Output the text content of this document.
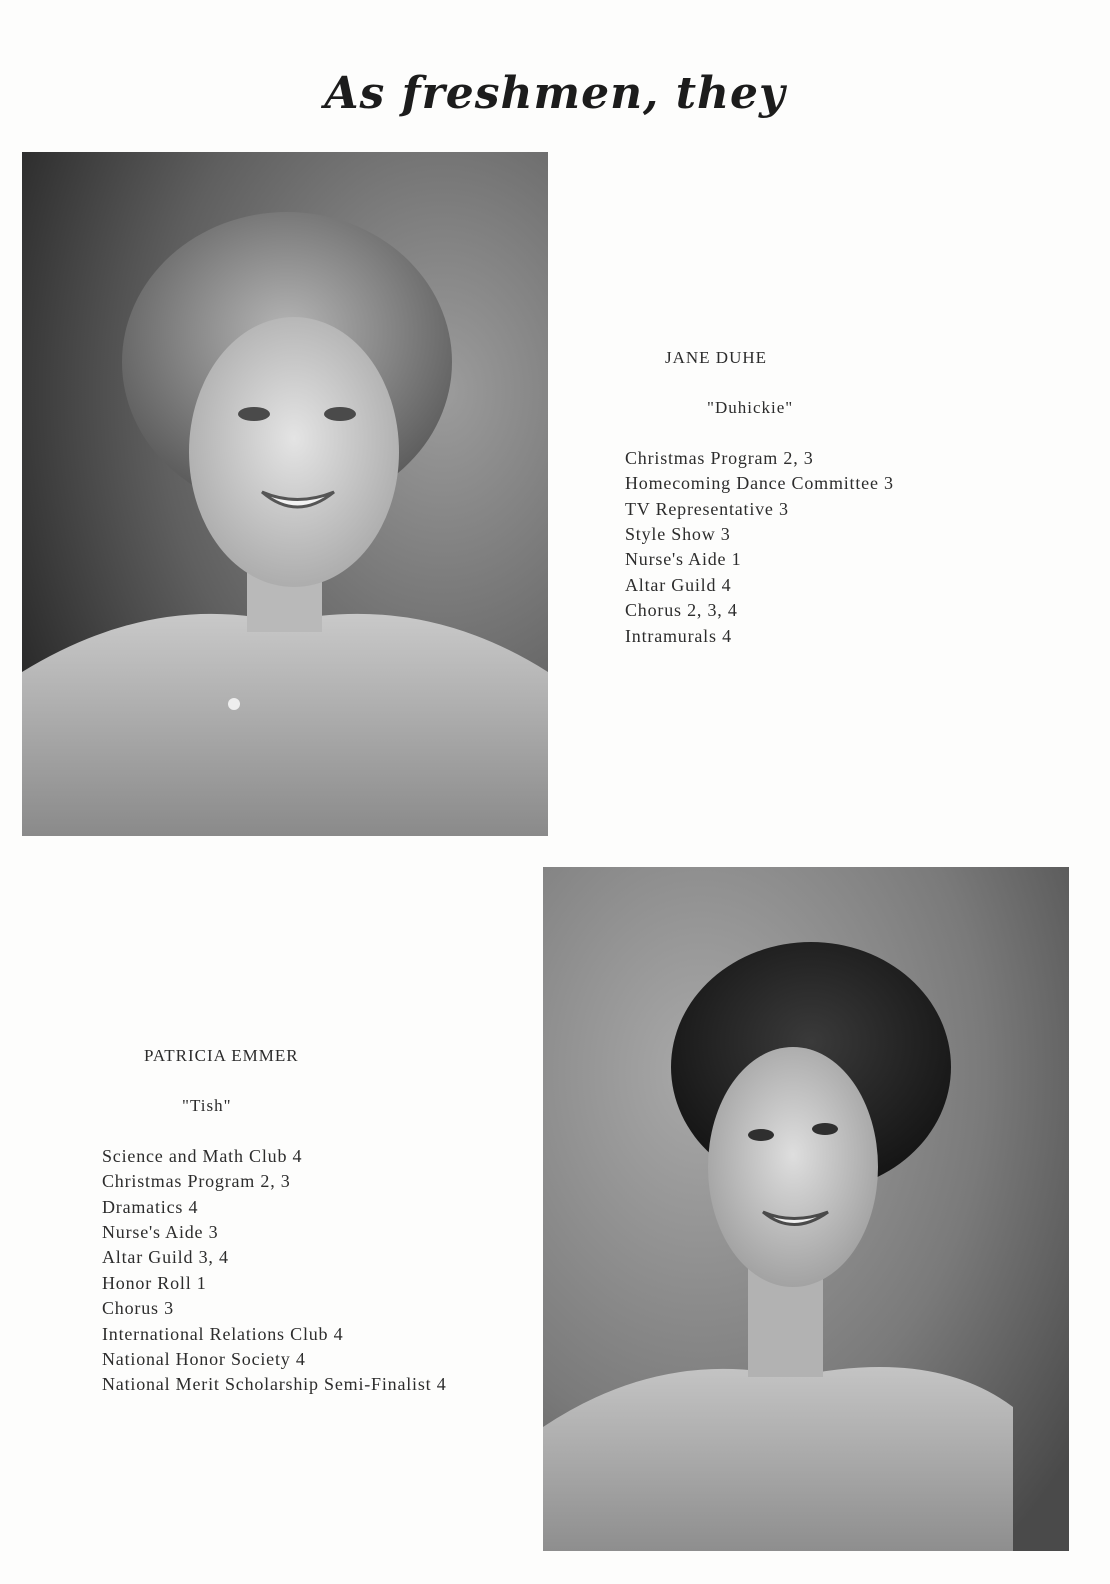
As freshmen, they

JANE DUHE

"Duhickie"

Christmas Program 2, 3
Homecoming Dance Committee 3
TV Representative 3
Style Show 3
Nurse's Aide 1
Altar Guild 4
Chorus 2, 3, 4
Intramurals 4

PATRICIA EMMER

"Tish"

Science and Math Club 4
Christmas Program 2, 3
Dramatics 4
Nurse's Aide 3
Altar Guild 3, 4
Honor Roll 1
Chorus 3
International Relations Club 4
National Honor Society 4
National Merit Scholarship Semi-Finalist 4
